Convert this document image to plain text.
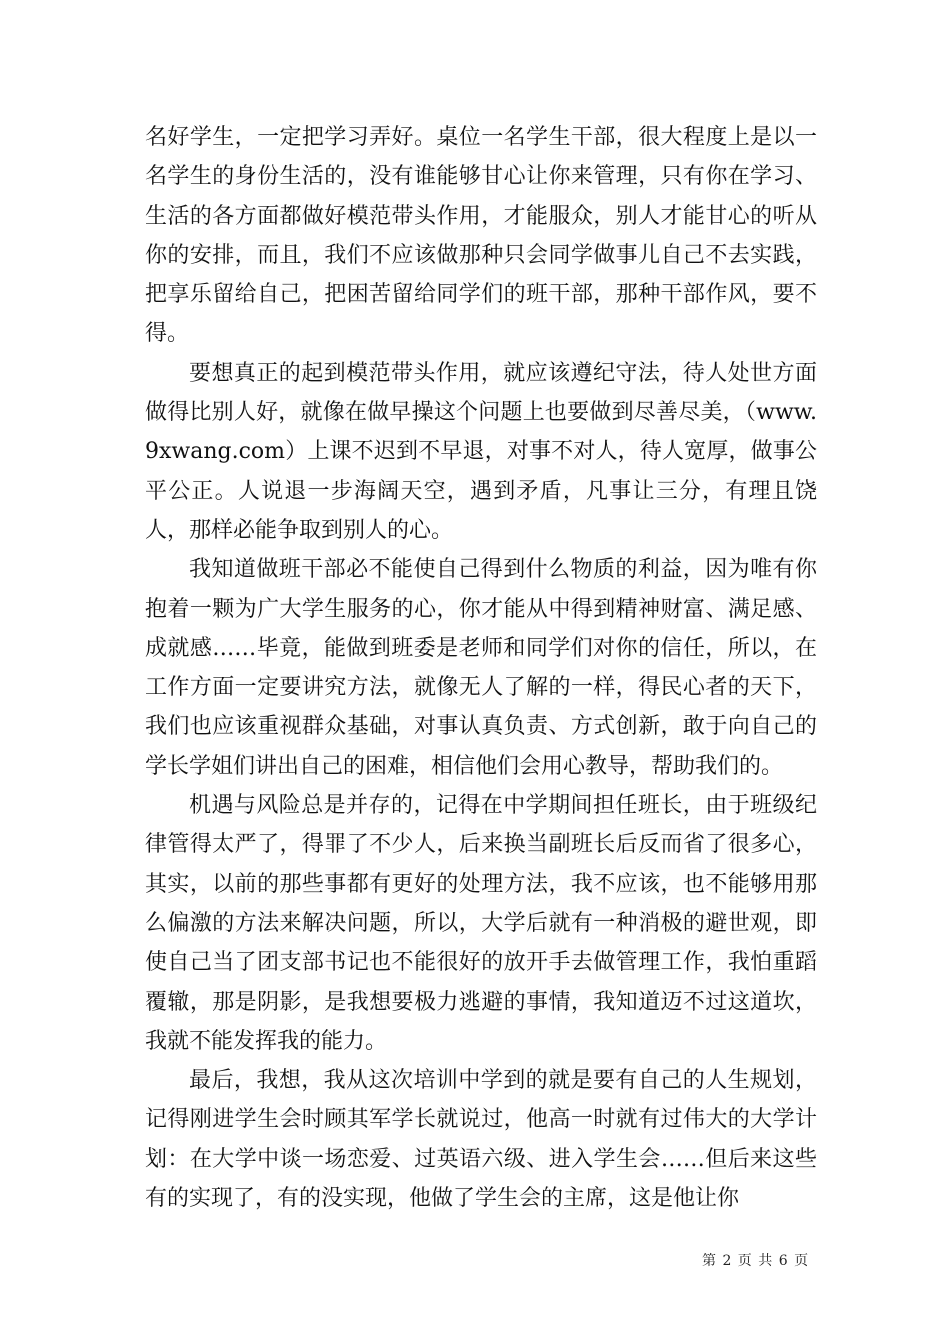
名好学生，一定把学习弄好。桌位一名学生干部，很大程度上是以一名学生的身份生活的，没有谁能够甘心让你来管理，只有你在学习、生活的各方面都做好模范带头作用，才能服众，别人才能甘心的听从你的安排，而且，我们不应该做那种只会同学做事儿自己不去实践，把享乐留给自己，把困苦留给同学们的班干部，那种干部作风，要不得。

要想真正的起到模范带头作用，就应该遵纪守法，待人处世方面做得比别人好，就像在做早操这个问题上也要做到尽善尽美，（www.9xwang.com）上课不迟到不早退，对事不对人，待人宽厚，做事公平公正。人说退一步海阔天空，遇到矛盾，凡事让三分，有理且饶人，那样必能争取到别人的心。

我知道做班干部必不能使自己得到什么物质的利益，因为唯有你抱着一颗为广大学生服务的心，你才能从中得到精神财富、满足感、成就感……毕竟，能做到班委是老师和同学们对你的信任，所以，在工作方面一定要讲究方法，就像无人了解的一样，得民心者的天下，我们也应该重视群众基础，对事认真负责、方式创新，敢于向自己的学长学姐们讲出自己的困难，相信他们会用心教导，帮助我们的。

机遇与风险总是并存的，记得在中学期间担任班长，由于班级纪律管得太严了，得罪了不少人，后来换当副班长后反而省了很多心，其实，以前的那些事都有更好的处理方法，我不应该，也不能够用那么偏激的方法来解决问题，所以，大学后就有一种消极的避世观，即使自己当了团支部书记也不能很好的放开手去做管理工作，我怕重蹈覆辙，那是阴影，是我想要极力逃避的事情，我知道迈不过这道坎，我就不能发挥我的能力。

最后，我想，我从这次培训中学到的就是要有自己的人生规划，记得刚进学生会时顾其军学长就说过，他高一时就有过伟大的大学计划：在大学中谈一场恋爱、过英语六级、进入学生会……但后来这些有的实现了，有的没实现，他做了学生会的主席，这是他让你

第 2 页 共 6 页
